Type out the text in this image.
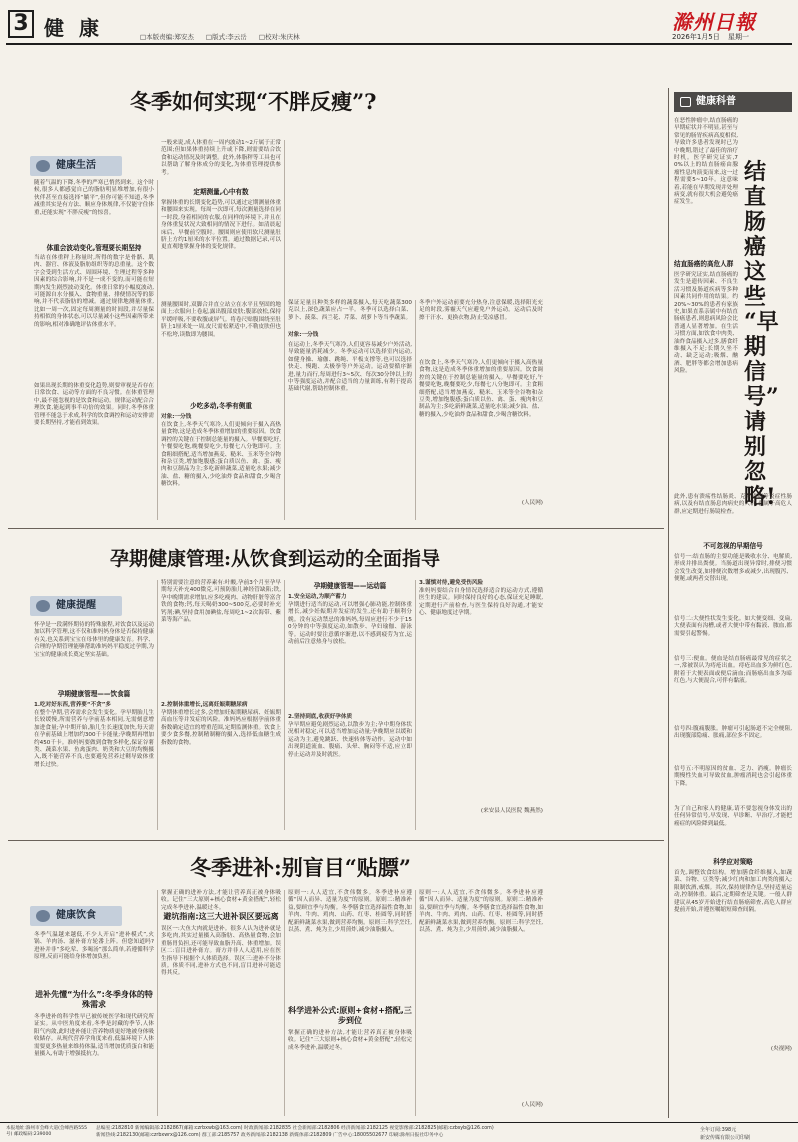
3 健 康	□本版责编:郑安杰 □版式:李云岳 □校对:朱庆林
滁州日報
2026年1月5日 星期一
冬季如何实现“不胖反瘦”?
健康生活
随着气温的下降,冬季的严寒已悄然到来。这个时候,很多人都感觉自己的脂肪明显堆增加,有很小伙伴甚至直接选择“躺平”,但你可能不知道,冬季减重其实是有方法、顺应身体规律,不仅能守住体重,还能实现“不胖反瘦”的惊喜。
体重会波动变化,管理要长期坚持
当站在体重秤上称量时,所得的数字是骨骼、肌肉、器官、体液及脂肪组织等的总重量。这个数字会受到生活方式、周围环境、生理过程等多种因素的综合影响,并不是一成不变的,而可能在短期内发生剧烈波动变化。体重日常的小幅度波动,可能源自水分摄入、食物重量、排便情况等的影响,并不代表脂肪的增减。通过规律地测量体重,比如一周一次,固定每周测量的时间段,并尽量保持相似的身体状态,可以尽量减小这些因素所带来的影响,相对准确地评估体重水平。
如果出现长期的体重变化趋势,则要审视是否存在日常饮食、运动等方面的不良习惯。在体重管理中,最不能忽视的是饮食和运动。规律运动配合合理饮食,能起到事半功倍的效果。同时,冬季体重管理不能急于求成,科学的饮食调控和运动安排需要长期坚持,才能看到效果。
一般来说,成人体重在一周内波动1~2斤属于正常范围;但如果体重持续上升或下降,则需要结合饮食和运动情况及时调整。此外,体脂秤等工具也可以帮助了解身体成分的变化,为体重管理提供参考。
定期测量,心中有数
掌握体重的长期变化趋势,可以通过定期测量体重和腰围来实现。每周一次即可,每次测量选择在同一时段,身着相同的衣服,在同样的环境下,并且在身体重复状况大致相同的情况下进行。如清晨起床后、早餐前空腹时。腰围则应使用软尺测量肚脐上方约1厘米的水平位置。通过数据记录,可以更直观地掌握身体的变化规律。
测量腰围时,双脚合并直立站立在水平且坚固的地面上;衣服向上卷起,露出腹部皮肤;腹部放松,保持平缓呼吸,不要收腹或屏气。将卷尺贴腹围绕至肚脐上1厘米处一周,皮尺需松紧适中,不勒皮肤但也不松垮,读数即为腰围。
少吃多动,冬季有侧重
对象:一分钱
在饮食上,冬季天气寒冷,人们更倾向于摄入高热量食物,这是造成冬季体重增加的重要原因。饮食调控的关键在于控制总能量的摄入。早餐要吃好,午餐要吃饱,晚餐要吃少,每餐七八分饱即可。主食粗细搭配,适当增加燕麦、糙米、玉米等全谷物和杂豆类,增加饱腹感;蛋白质以鱼、禽、蛋、瘦肉和豆制品为主;多吃新鲜蔬菜,适量吃水果;减少油、盐、糖的摄入,少吃油炸食品和甜食,少喝含糖饮料。
保证足量且种类多样的蔬菜摄入,每天吃蔬菜300克以上,深色蔬菜应占一半。冬季可以选择白菜、萝卜、菠菜、西兰花、芹菜、胡萝卜等当季蔬菜。
对象:一分钱
在运动上,冬季天气寒冷,人们更容易减少户外活动,导致能量消耗减少。冬季运动可以选择室内运动,如健身操、瑜伽、跳绳、平板支撑等,也可以选择快走、慢跑、太极拳等户外运动。运动要循序渐进,量力而行,每周进行3~5次、每次30分钟以上的中等强度运动,并配合适当的力量训练,有利于提高基础代谢,帮助控制体重。
冬季户外运动前要充分热身,注意保暖,选择阳光充足的时段,雾霾天气应避免户外运动。运动后及时擦干汗水、更换衣物,防止受凉感冒。
在饮食上,冬季天气寒冷,人们更倾向于摄入高热量食物,这是造成冬季体重增加的重要原因。饮食调控的关键在于控制总能量的摄入。早餐要吃好,午餐要吃饱,晚餐要吃少,每餐七八分饱即可。主食粗细搭配,适当增加燕麦、糙米、玉米等全谷物和杂豆类,增加饱腹感;蛋白质以鱼、禽、蛋、瘦肉和豆制品为主;多吃新鲜蔬菜,适量吃水果;减少油、盐、糖的摄入,少吃油炸食品和甜食,少喝含糖饮料。
(人民网)
孕期健康管理:从饮食到运动的全面指导
健康提醒
怀孕是一段满怀期待的特殊旅程,对饮食以及运动加以科学管理,这不仅和准妈妈身体是否保持健康有关,也关系到宝宝在母体里的健康发育。科学、合理的孕期管理能够帮助准妈妈平稳度过孕期,为宝宝的健康成长奠定坚实基础。
孕期健康管理——饮食篇
1.吃对好东西,营养要“不贪”多
在整个孕期,营养需求会发生变化。孕早期胎儿生长较缓慢,所需营养与孕前基本相同,无需刻意增加进食量;孕中期开始,胎儿生长速度加快,每天需在孕前基础上增加约300千卡能量;孕晚期再增加约450千卡。准妈妈要做到食物多样化,保证谷薯类、蔬菜水果、鱼禽蛋肉、奶类和大豆的均衡摄入,既不能营养不良,也要避免营养过剩导致体重增长过快。
特别需要注意的营养素有:叶酸,孕前3个月至孕早期每天补充400微克,可预防胎儿神经管缺陷;铁,孕中晚期需求增加,应多吃瘦肉、动物肝脏等富含铁的食物;钙,每天喝奶300~500克,必要时补充钙剂;碘,坚持食用加碘盐,每周吃1~2次海带、紫菜等海产品。
2.控制体重增长,远离妊娠期糖尿病
孕期体重增长过多,会增加妊娠期糖尿病、妊娠期高血压等并发症的风险。准妈妈应根据孕前体重指数确定适宜的增重范围,定期监测体重。饮食上要少食多餐,控制精制糖的摄入,选择低血糖生成指数的食物。
孕期健康管理——运动篇
1.安全运动,为顺产蓄力
孕期进行适当的运动,可以增强心肺功能,控制体重增长,减少妊娠期并发症的发生,还有助于顺利分娩。没有运动禁忌的准妈妈,每周应进行不少于150分钟的中等强度运动,如散步、孕妇瑜伽、游泳等。运动时要注意循序渐进,以不感到疲劳为宜,运动前后注意热身与放松。
2.坚持到底,收获好孕体质
孕早期应避免剧烈运动,以散步为主;孕中期身体状况相对稳定,可以适当增加运动量;孕晚期应以缓和运动为主,避免跳跃、快速转体等动作。运动中如出现阴道流血、腹痛、头晕、胸闷等不适,应立即停止运动并及时就医。
3.谨慎对待,避免受伤风险
准妈妈要结合自身情况选择适合的运动方式,遵循医生的建议。同时保持良好的心态,保证充足睡眠,定期进行产前检查,与医生保持良好沟通,才能安心、健康地度过孕期。
(来安县人民医院 魏燕然)
冬季进补:别盲目“贴膘”
健康饮食
冬季气温越来越低,不少人开启“进补模式”,火锅、羊肉汤、滋补膏方轮番上阵。但您知道吗?进补并非“多吃荤、多喝汤”那么简单,若遵循科学原理,反而可能给身体增加负担。
进补先懂“为什么”:冬季身体的特殊需求
冬季进补的科学性早已被传统医学和现代研究所证实。从中医角度来看,冬季是封藏的季节,人体阳气内敛,此时进补能让营养物质更好地被身体吸收储存。从现代营养学角度来看,低温环境下人体需要更多热量来维持体温,适当增加优质蛋白和能量摄入,有助于增强抵抗力。
掌握正确的进补方法,才能让营养真正被身体吸收。记住“三大原则+核心食材+黄金搭配”,轻松完成冬季进补,温暖过冬。
避坑指南:这三大进补误区要远离
误区一:大鱼大肉就是进补。很多人认为进补就是多吃肉,其实过量摄入高脂肪、高热量食物,会加重肠胃负担,还可能导致血脂升高、体重增加。误区二:盲目进补膏方。膏方并非人人适用,应在医生指导下根据个人体质选择。误区三:进补不分体质。体质不同,进补方式也不同,盲目进补可能适得其反。
原则一:人人适宜,不贪伟微多。冬季进补应遵循“因人而异、适量为度”的原则。原则二:精准补益,要顾宜季与均衡。冬季膳食宜选择温性食物,如羊肉、牛肉、鸡肉、山药、红枣、桂圆等,同时搭配新鲜蔬菜水果,做到营养均衡。原则三:科学烹饪,以蒸、煮、炖为主,少用煎炸,减少油脂摄入。
科学进补公式:原则+食材+搭配,三步到位
掌握正确的进补方法,才能让营养真正被身体吸收。记住“三大原则+核心食材+黄金搭配”,轻松完成冬季进补,温暖过冬。
原则一:人人适宜,不贪伟微多。冬季进补应遵循“因人而异、适量为度”的原则。原则二:精准补益,要顾宜季与均衡。冬季膳食宜选择温性食物,如羊肉、牛肉、鸡肉、山药、红枣、桂圆等,同时搭配新鲜蔬菜水果,做到营养均衡。原则三:科学烹饪,以蒸、煮、炖为主,少用煎炸,减少油脂摄入。
(人民网)
健康科普
结
直
肠
癌
这
些
“早
期
信
号”
请
别
忽
略!
在恶性肿瘤中,结直肠癌的早期症状并不明显,甚至与常见的肠胃疾病高度相似,导致许多患者发现时已为中晚期,错过了最佳的治疗时机。医学研究证实,70%以上的结直肠癌由腺瘤性息肉演变而来,这一过程需要5~10年。这意味着,若能在早期发现并处理病变,就有很大机会避免癌症发生。
结直肠癌的高危人群
医学研究证实,结直肠癌的发生是遗传因素、不良生活习惯及肠道疾病等多种因素共同作用的结果。约20%~30%的患者有家族史,如果直系亲属中有结直肠癌患者,则患病风险会比普通人显著增加。在生活习惯方面,如饮食中肉类、油炸食品摄入过多,膳食纤维摄入不足;长期久坐不动、缺乏运动;吸烟、酗酒、肥胖等都会增加患病风险。
此外,患有溃疡性结肠炎、克罗恩病等炎症性肠病,以及有结直肠息肉病史的人群,也属于高危人群,应定期进行肠镜检查。
不可忽视的早期信号
信号一:结直肠的主要功能是吸收水分、电解质,形成并排出粪便。当肠道出现异常时,排便习惯会发生改变,如排便次数增多或减少,出现腹泻、便秘,或两者交替出现。
信号二:大便性状发生变化。如大便变细、变扁,大便表面有沟槽,或者大便中带有黏液、脓血,都需要引起警惕。
信号三:便血。便血是结直肠癌最常见的症状之一,常被误认为痔疮出血。痔疮出血多为鲜红色,附着于大便表面或便后滴血;而肠癌出血多为暗红色,与大便混合,可伴有黏液。
信号四:腹痛腹胀。肿瘤可引起肠道不完全梗阻,出现腹部隐痛、胀痛,部位多不固定。
信号五:不明原因的贫血、乏力、消瘦。肿瘤长期慢性失血可导致贫血,肿瘤消耗也会引起体重下降。
为了自己和家人的健康,请不要忽视身体发出的任何异常信号,早发现、早诊断、早治疗,才能把癌症的风险降到最低。
科学应对策略
首先,调整饮食结构。增加膳食纤维摄入,如蔬菜、谷物、豆类等;减少红肉和加工肉类的摄入;限制饮酒,戒烟。其次,保持规律作息,坚持适量运动,控制体重。最后,定期筛查是关键。一般人群建议从45岁开始进行结直肠癌筛查,高危人群应提前开始,并遵医嘱缩短筛查间隔。
(央视网)
本报地址:滁州市会峰大道(会峰西路555号) 邮政编码:239000
总编室:2182810 新闻编辑部:2182867(邮箱:czrbxwb@163.com) 时政新闻部:2182835 社会新闻部:2182806 经济新闻部:2182125 视觉影像部:2182825(邮箱:czbsyb@126.com)
新闻热线:2182130(邮箱:czrbxwrx@126.com) 群工部:2185757 政务新闻部:2182138 新媒体部:2182809 广告中心:18005502677 印刷:滁州日报社印务中心
全年订阅:398元
新安传媒有限公司印刷
